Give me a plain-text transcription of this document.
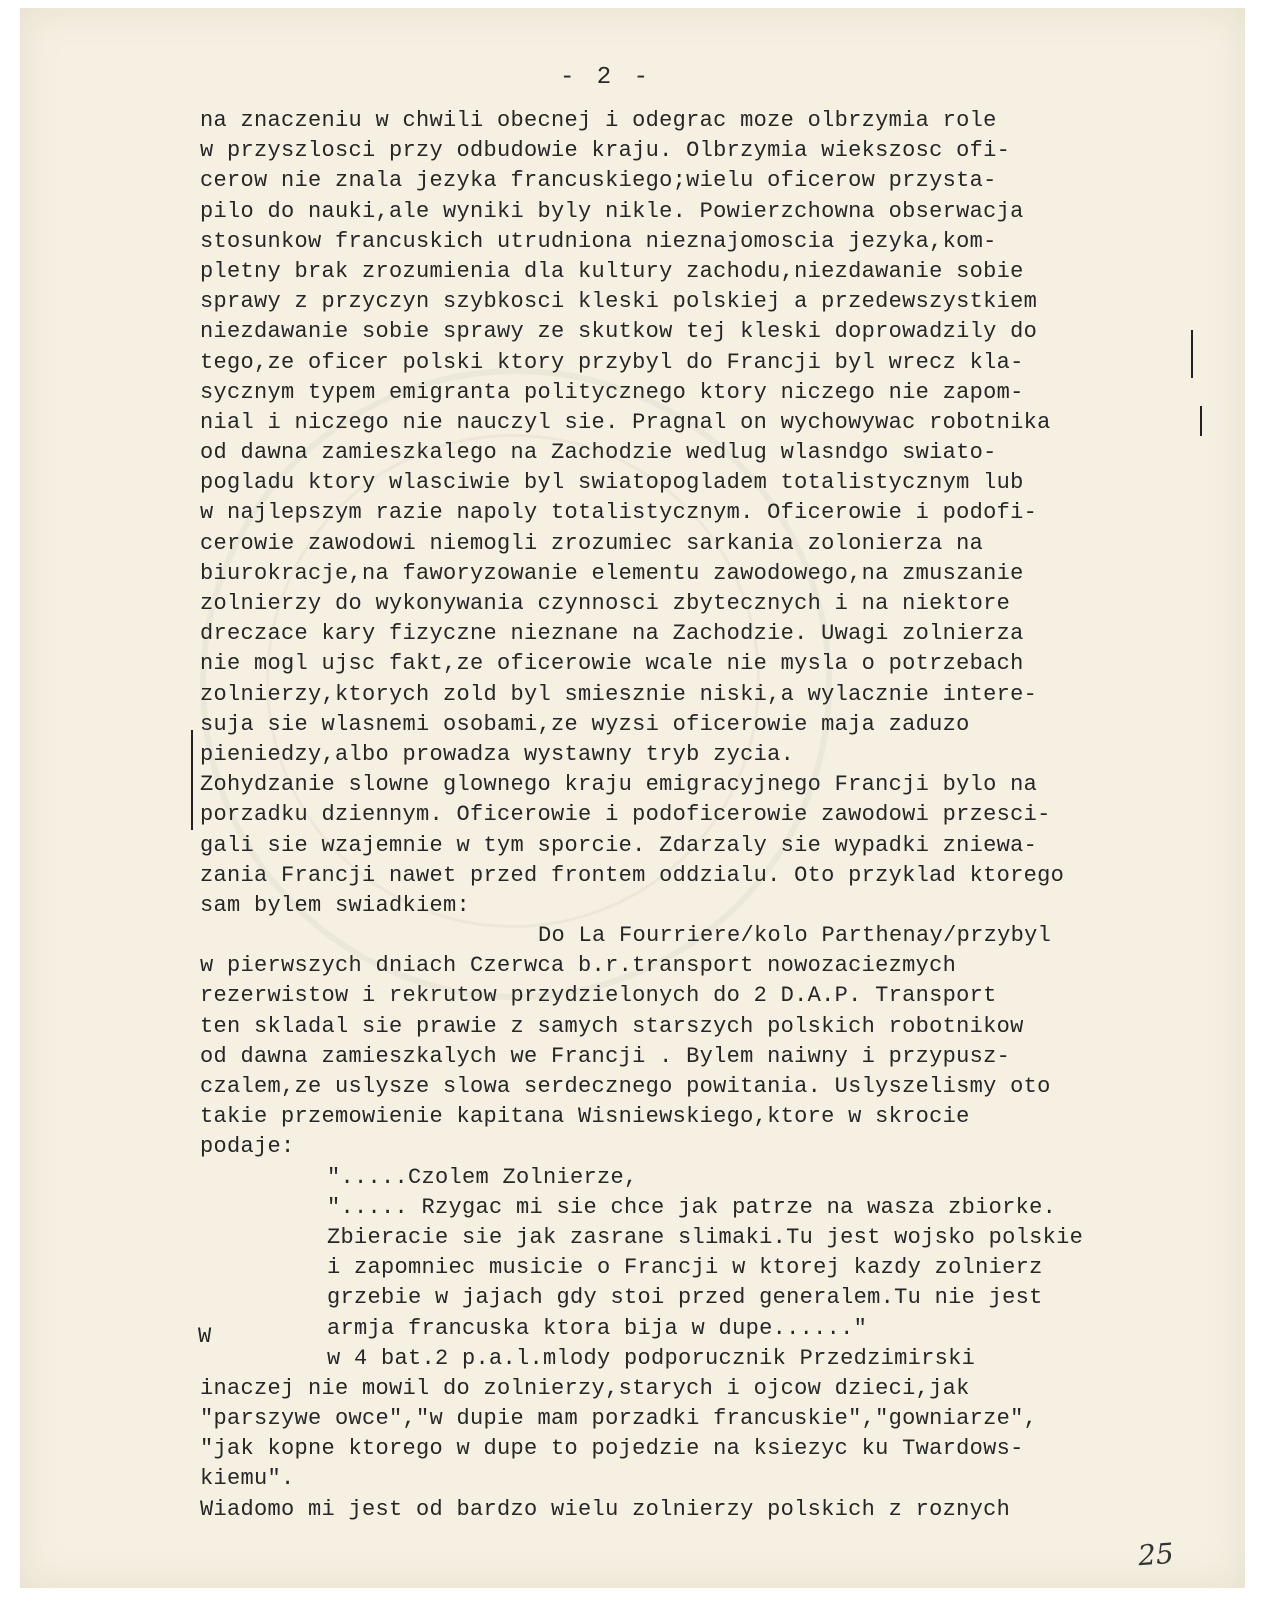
- 2 -
na znaczeniu w chwili obecnej i odegrac moze olbrzymia role
w przyszlosci przy odbudowie kraju. Olbrzymia wiekszosc ofi-
cerow nie znala jezyka francuskiego;wielu oficerow przysta-
pilo do nauki,ale wyniki byly nikle. Powierzchowna obserwacja
stosunkow francuskich utrudniona nieznajomoscia jezyka,kom-
pletny brak zrozumienia dla kultury zachodu,niezdawanie sobie
sprawy z przyczyn szybkosci kleski polskiej a przedewszystkiem
niezdawanie sobie sprawy ze skutkow tej kleski doprowadzily do
tego,ze oficer polski ktory przybyl do Francji byl wrecz kla-
sycznym typem emigranta politycznego ktory niczego nie zapom-
nial i niczego nie nauczyl sie. Pragnal on wychowywac robotnika
od dawna zamieszkalego na Zachodzie wedlug wlasndgo swiato-
pogladu ktory wlasciwie byl swiatopogladem totalistycznym lub
w najlepszym razie napoly totalistycznym. Oficerowie i podofi-
cerowie zawodowi niemogli zrozumiec sarkania zolonierza na
biurokracje,na faworyzowanie elementu zawodowego,na zmuszanie
zolnierzy do wykonywania czynnosci zbytecznych i na niektore
dreczace kary fizyczne nieznane na Zachodzie. Uwagi zolnierza
nie mogl ujsc fakt,ze oficerowie wcale nie mysla o potrzebach
zolnierzy,ktorych zold byl smiesznie niski,a wylacznie intere-
suja sie wlasnemi osobami,ze wyzsi oficerowie maja zaduzo
pieniedzy,albo prowadza wystawny tryb zycia.
Zohydzanie slowne glownego kraju emigracyjnego Francji bylo na
porzadku dziennym. Oficerowie i podoficerowie zawodowi przesci-
gali sie wzajemnie w tym sporcie. Zdarzaly sie wypadki zniewa-
zania Francji nawet przed frontem oddzialu. Oto przyklad ktorego
sam bylem swiadkiem:
Do La Fourriere/kolo Parthenay/przybyl
w pierwszych dniach Czerwca b.r.transport nowozaciezmych
rezerwistow i rekrutow przydzielonych do 2 D.A.P. Transport
ten skladal sie prawie z samych starszych polskich robotnikow
od dawna zamieszkalych we Francji . Bylem naiwny i przypusz-
czalem,ze uslysze slowa serdecznego powitania. Uslyszelismy oto
takie przemowienie kapitana Wisniewskiego,ktore w skrocie
podaje:
".....Czolem Zolnierze,
"..... Rzygac mi sie chce jak patrze na wasza zbiorke.
Zbieracie sie jak zasrane slimaki.Tu jest wojsko polskie
i zapomniec musicie o Francji w ktorej kazdy zolnierz
grzebie w jajach gdy stoi przed generalem.Tu nie jest
armja francuska ktora bija w dupe......"
w 4 bat.2 p.a.l.mlody podporucznik Przedzimirski
inaczej nie mowil do zolnierzy,starych i ojcow dzieci,jak
"parszywe owce","w dupie mam porzadki francuskie","gowniarze",
"jak kopne ktorego w dupe to pojedzie na ksiezyc ku Twardows-
kiemu".
Wiadomo mi jest od bardzo wielu zolnierzy polskich z roznych
W
25
